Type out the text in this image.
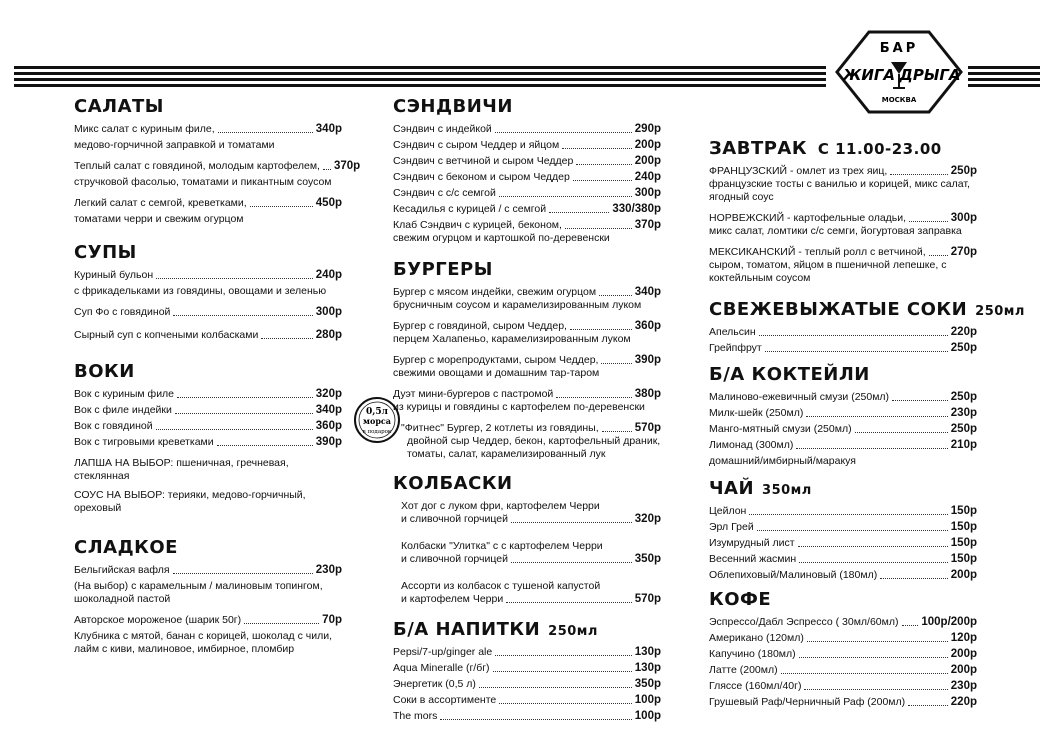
БАР
ЖИГА ДРЫГА
МОСКВА
САЛАТЫ
Микс салат с куриным филе,	340р
медово-горчичной заправкой и томатами
Теплый салат с говядиной, молодым картофелем, 370р
стручковой фасолью, томатами и пикантным соусом
Легкий салат с семгой, креветками,	450р
томатами черри и свежим огурцом
СУПЫ
Куриный бульон	240р
с фрикадельками из говядины, овощами и зеленью
Суп Фо с говядиной	300р
Сырный суп с копчеными колбасками	280р
ВОКИ
Вок с куриным филе	320р
Вок с филе индейки	340р
Вок с говядиной	360р
Вок с тигровыми креветками	390р
ЛАПША НА ВЫБОР: пшеничная, гречневая, стеклянная
СОУС НА ВЫБОР: терияки, медово-горчичный, ореховый
СЛАДКОЕ
Бельгийская вафля	230р
(На выбор) с карамельным / малиновым топингом, шоколадной пастой
Авторское мороженое (шарик 50г)	70р
Клубника с мятой, банан с корицей, шоколад с чили, лайм с киви, малиновое, имбирное, пломбир
0,5л
морса
в подарок
СЭНДВИЧИ
Сэндвич с индейкой	290р
Сэндвич с сыром Чеддер и яйцом	200р
Сэндвич с ветчиной и сыром Чеддер	200р
Сэндвич с беконом и сыром Чеддер	240р
Сэндвич с с/с семгой	300р
Кесадилья с курицей / с семгой	330/380р
Клаб Сэндвич с курицей, беконом,	370р
свежим огурцом и картошкой по-деревенски
БУРГЕРЫ
Бургер с мясом индейки, свежим огурцом	340р
брусничным соусом и карамелизированным луком
Бургер с говядиной, сыром Чеддер,	360р
перцем Халапеньо, карамелизированным луком
Бургер с морепродуктами, сыром Чеддер,	390р
свежими овощами и домашним тар-таром
Дуэт мини-бургеров с пастромой	380р
из курицы и говядины с картофелем по-деревенски
"Фитнес" Бургер, 2 котлеты из говядины,	570р
двойной сыр Чеддер, бекон, картофельный драник, томаты, салат, карамелизированный лук
КОЛБАСКИ
Хот дог с луком фри, картофелем Черри
и сливочной горчицей	320р
Колбаски "Улитка" с с картофелем Черри
и сливочной горчицей	350р
Ассорти из колбасок с тушеной капустой
и картофелем Черри	570р
Б/А НАПИТКИ 250мл
Pepsi/7-up/ginger ale	130р
Aqua Mineralle (г/бг)	130р
Энергетик (0,5 л)	350р
Соки в ассортименте	100р
The mors	100р
ЗАВТРАК С 11.00-23.00
ФРАНЦУЗСКИЙ - омлет из трех яиц,	250р
французские тосты с ванилью и корицей, микс салат, ягодный соус
НОРВЕЖСКИЙ - картофельные оладьи,	300р
микс салат, ломтики с/с семги, йогуртовая заправка
МЕКСИКАНСКИЙ - теплый ролл с ветчиной, 270р
сыром, томатом, яйцом в пшеничной лепешке, с коктейльным соусом
СВЕЖЕВЫЖАТЫЕ СОКИ 250мл
Апельсин	220р
Грейпфрут	250р
Б/А КОКТЕЙЛИ
Малиново-ежевичный смузи (250мл)	250р
Милк-шейк (250мл)	230р
Манго-мятный смузи (250мл)	250р
Лимонад (300мл)	210р
домашний/имбирный/маракуя
ЧАЙ 350мл
Цейлон	150р
Эрл Грей	150р
Изумрудный лист	150р
Весенний жасмин	150р
Облепиховый/Малиновый (180мл)	200р
КОФЕ
Эспрессо/Дабл Эспрессо ( 30мл/60мл) 100р/200р
Американо (120мл)	120р
Капучино (180мл)	200р
Латте (200мл)	200р
Гляссе (160мл/40г)	230р
Грушевый Раф/Черничный Раф (200мл)	220р
